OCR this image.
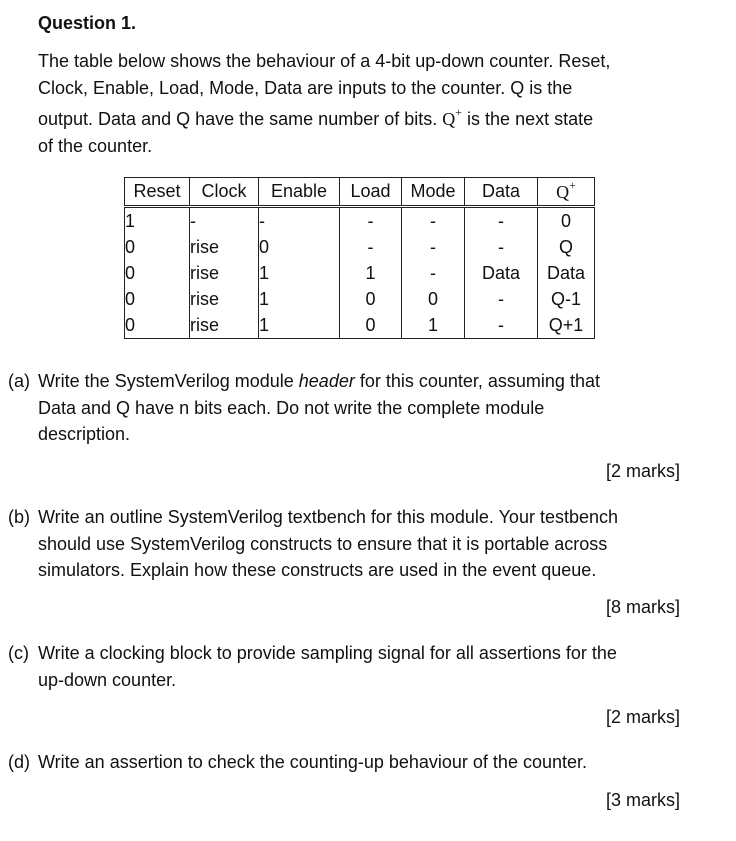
Question 1.
The table below shows the behaviour of a 4-bit up-down counter. Reset,
Clock, Enable, Load, Mode, Data are inputs to the counter. Q is the
output. Data and Q have the same number of bits. Q+ is the next state
of the counter.
Reset	Clock	Enable	Load	Mode	Data	Q+
1	-	-	-	-	-	0
0	rise	0	-	-	-	Q
0	rise	1	1	-	Data	Data
0	rise	1	0	0	-	Q-1
0	rise	1	0	1	-	Q+1
(a) Write the SystemVerilog module header for this counter, assuming that
Data and Q have n bits each. Do not write the complete module
description.
[2 marks]
(b) Write an outline SystemVerilog textbench for this module. Your testbench
should use SystemVerilog constructs to ensure that it is portable across
simulators. Explain how these constructs are used in the event queue.
[8 marks]
(c) Write a clocking block to provide sampling signal for all assertions for the
up-down counter.
[2 marks]
(d) Write an assertion to check the counting-up behaviour of the counter.
[3 marks]
